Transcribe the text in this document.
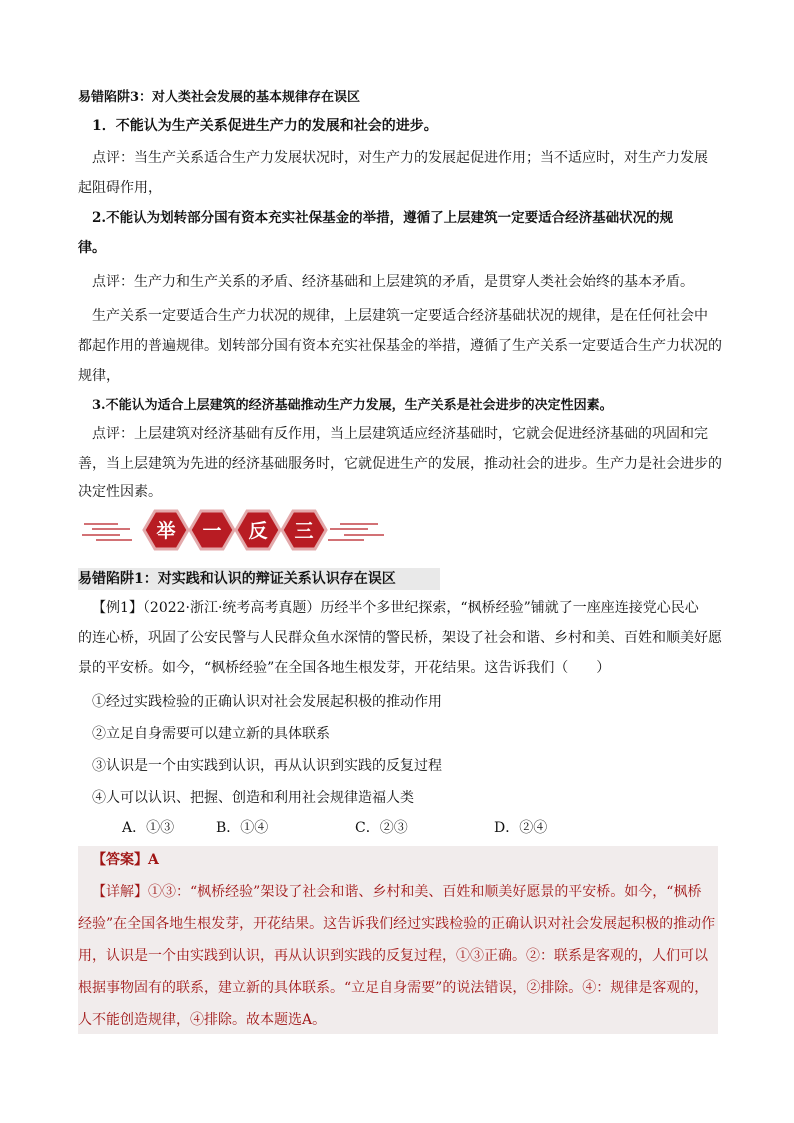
易错陷阱3：对人类社会发展的基本规律存在误区
1．不能认为生产关系促进生产力的发展和社会的进步。
点评：当生产关系适合生产力发展状况时，对生产力的发展起促进作用；当不适应时，对生产力发展
起阻碍作用，
2.不能认为划转部分国有资本充实社保基金的举措，遵循了上层建筑一定要适合经济基础状况的规
律。
点评：生产力和生产关系的矛盾、经济基础和上层建筑的矛盾，是贯穿人类社会始终的基本矛盾。
生产关系一定要适合生产力状况的规律，上层建筑一定要适合经济基础状况的规律，是在任何社会中
都起作用的普遍规律。划转部分国有资本充实社保基金的举措，遵循了生产关系一定要适合生产力状况的
规律，
3.不能认为适合上层建筑的经济基础推动生产力发展，生产关系是社会进步的决定性因素。
点评：上层建筑对经济基础有反作用，当上层建筑适应经济基础时，它就会促进经济基础的巩固和完
善，当上层建筑为先进的经济基础服务时，它就促进生产的发展，推动社会的进步。生产力是社会进步的
决定性因素。
举 一 反 三
易错陷阱1：对实践和认识的辩证关系认识存在误区
【例1】（2022·浙江·统考高考真题）历经半个多世纪探索，“枫桥经验”铺就了一座座连接党心民心
的连心桥，巩固了公安民警与人民群众鱼水深情的警民桥，架设了社会和谐、乡村和美、百姓和顺美好愿
景的平安桥。如今，“枫桥经验”在全国各地生根发芽，开花结果。这告诉我们（　　）
①经过实践检验的正确认识对社会发展起积极的推动作用
②立足自身需要可以建立新的具体联系
③认识是一个由实践到认识，再从认识到实践的反复过程
④人可以认识、把握、创造和利用社会规律造福人类
A．①③	B．①④	C．②③	D．②④
【答案】A
【详解】①③：“枫桥经验”架设了社会和谐、乡村和美、百姓和顺美好愿景的平安桥。如今，“枫桥
经验”在全国各地生根发芽，开花结果。这告诉我们经过实践检验的正确认识对社会发展起积极的推动作
用，认识是一个由实践到认识，再从认识到实践的反复过程，①③正确。②：联系是客观的，人们可以
根据事物固有的联系，建立新的具体联系。“立足自身需要”的说法错误，②排除。④：规律是客观的，
人不能创造规律，④排除。故本题选A。
